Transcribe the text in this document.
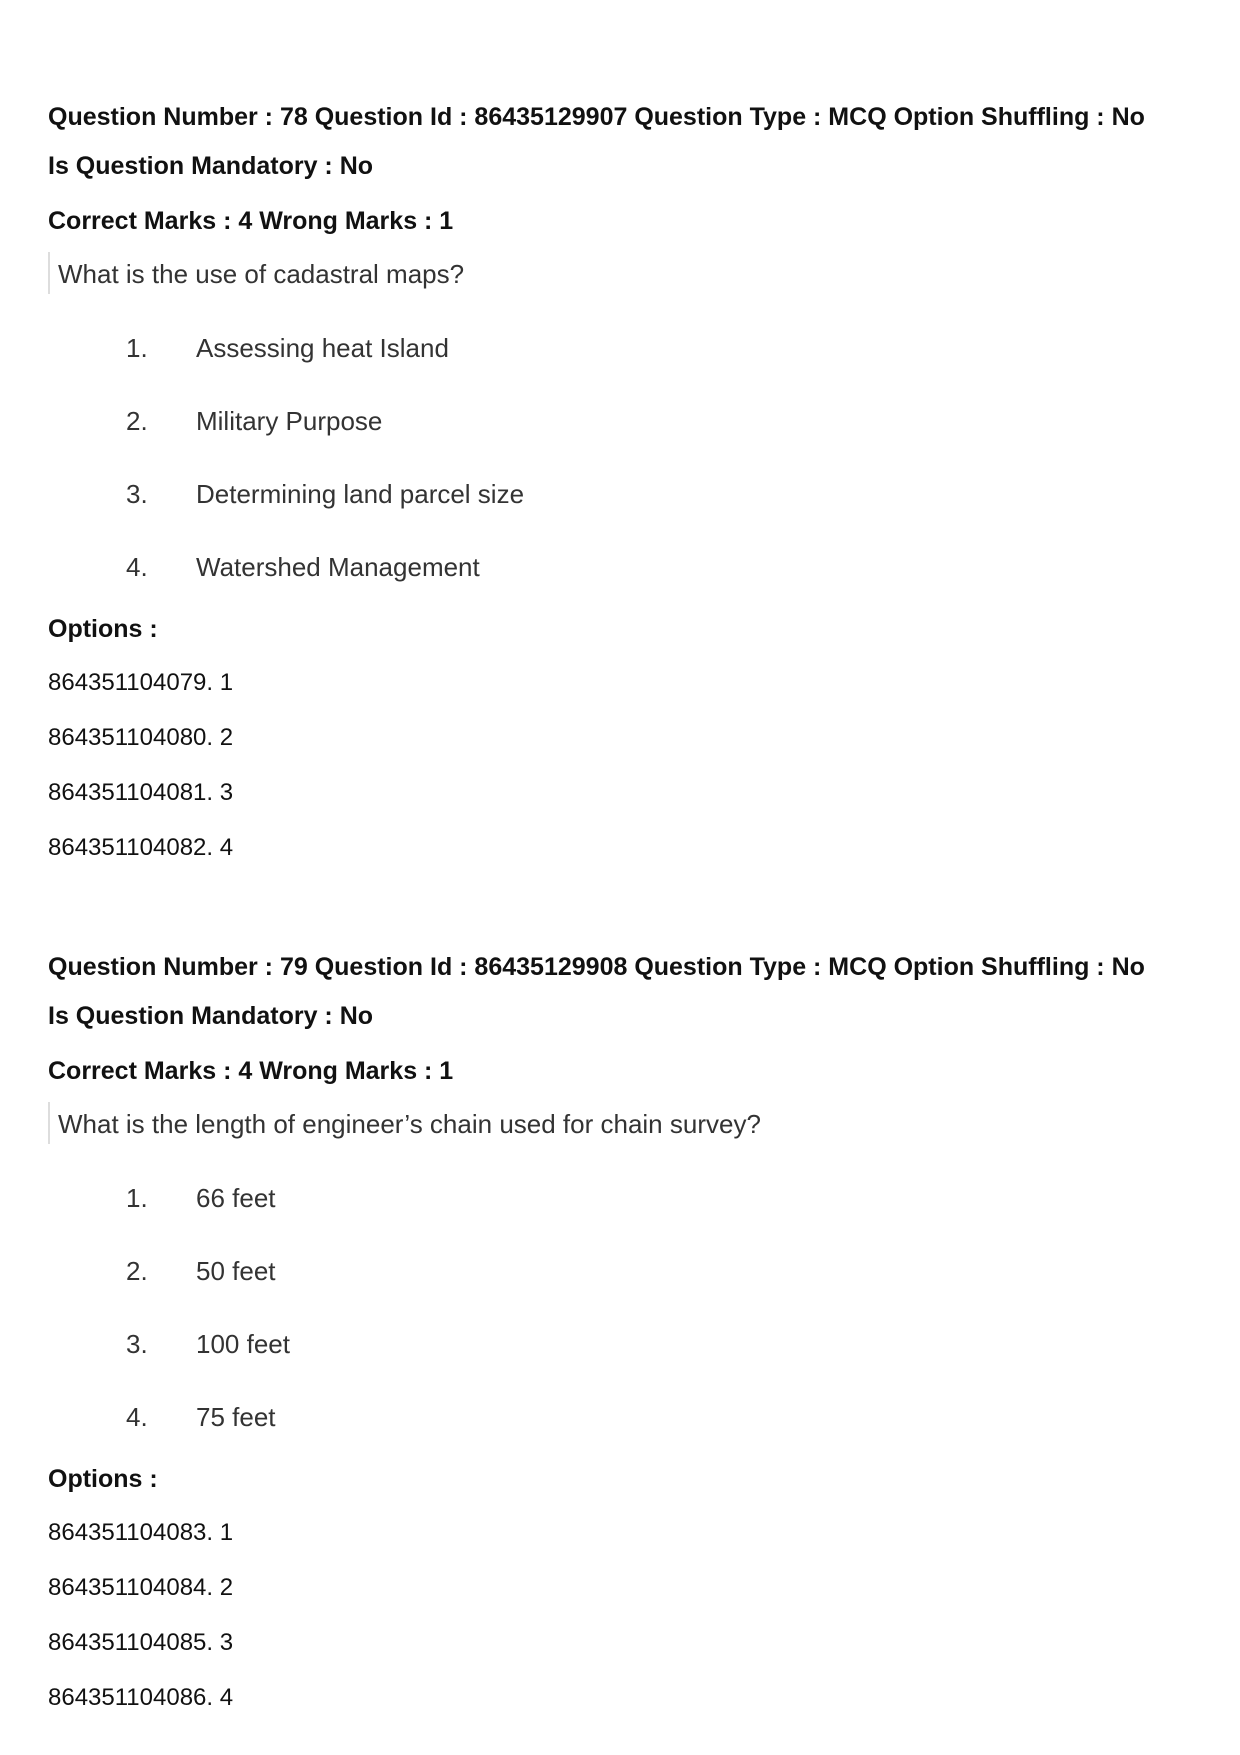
Question Number : 78 Question Id : 86435129907 Question Type : MCQ Option Shuffling : No
Is Question Mandatory : No
Correct Marks : 4 Wrong Marks : 1
What is the use of cadastral maps?
1. Assessing heat Island
2. Military Purpose
3. Determining land parcel size
4. Watershed Management
Options :
864351104079. 1
864351104080. 2
864351104081. 3
864351104082. 4
Question Number : 79 Question Id : 86435129908 Question Type : MCQ Option Shuffling : No
Is Question Mandatory : No
Correct Marks : 4 Wrong Marks : 1
What is the length of engineer’s chain used for chain survey?
1. 66 feet
2. 50 feet
3. 100 feet
4. 75 feet
Options :
864351104083. 1
864351104084. 2
864351104085. 3
864351104086. 4
